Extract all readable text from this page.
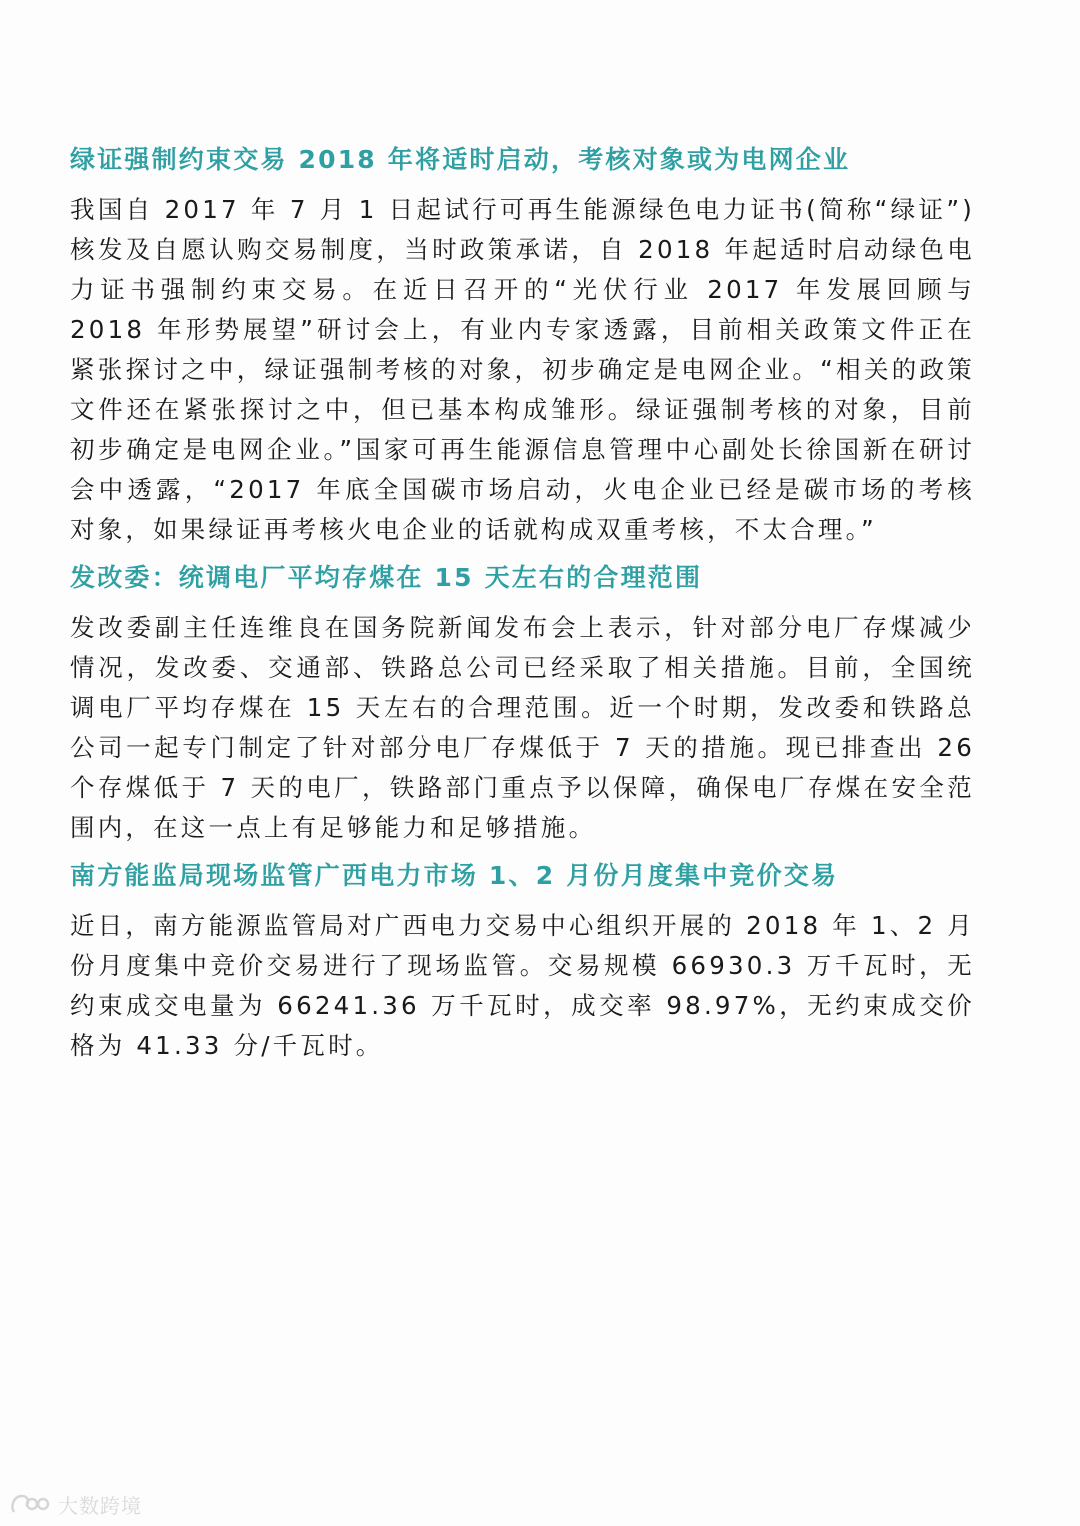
绿证强制约束交易 2018 年将适时启动，考核对象或为电网企业

我国自 2017 年 7 月 1 日起试行可再生能源绿色电力证书(简称“绿证”)核发及自愿认购交易制度，当时政策承诺，自 2018 年起适时启动绿色电力证书强制约束交易。在近日召开的“光伏行业 2017 年发展回顾与 2018 年形势展望”研讨会上，有业内专家透露，目前相关政策文件正在紧张探讨之中，绿证强制考核的对象，初步确定是电网企业。“相关的政策文件还在紧张探讨之中，但已基本构成雏形。绿证强制考核的对象，目前初步确定是电网企业。”国家可再生能源信息管理中心副处长徐国新在研讨会中透露，“2017 年底全国碳市场启动，火电企业已经是碳市场的考核对象，如果绿证再考核火电企业的话就构成双重考核，不太合理。”

发改委：统调电厂平均存煤在 15 天左右的合理范围

发改委副主任连维良在国务院新闻发布会上表示，针对部分电厂存煤减少情况，发改委、交通部、铁路总公司已经采取了相关措施。目前，全国统调电厂平均存煤在 15 天左右的合理范围。近一个时期，发改委和铁路总公司一起专门制定了针对部分电厂存煤低于 7 天的措施。现已排查出 26 个存煤低于 7 天的电厂，铁路部门重点予以保障，确保电厂存煤在安全范围内，在这一点上有足够能力和足够措施。

南方能监局现场监管广西电力市场 1、2 月份月度集中竞价交易

近日，南方能源监管局对广西电力交易中心组织开展的 2018 年 1、2 月份月度集中竞价交易进行了现场监管。交易规模 66930.3 万千瓦时，无约束成交电量为 66241.36 万千瓦时，成交率 98.97%，无约束成交价格为 41.33 分/千瓦时。

大数跨境
